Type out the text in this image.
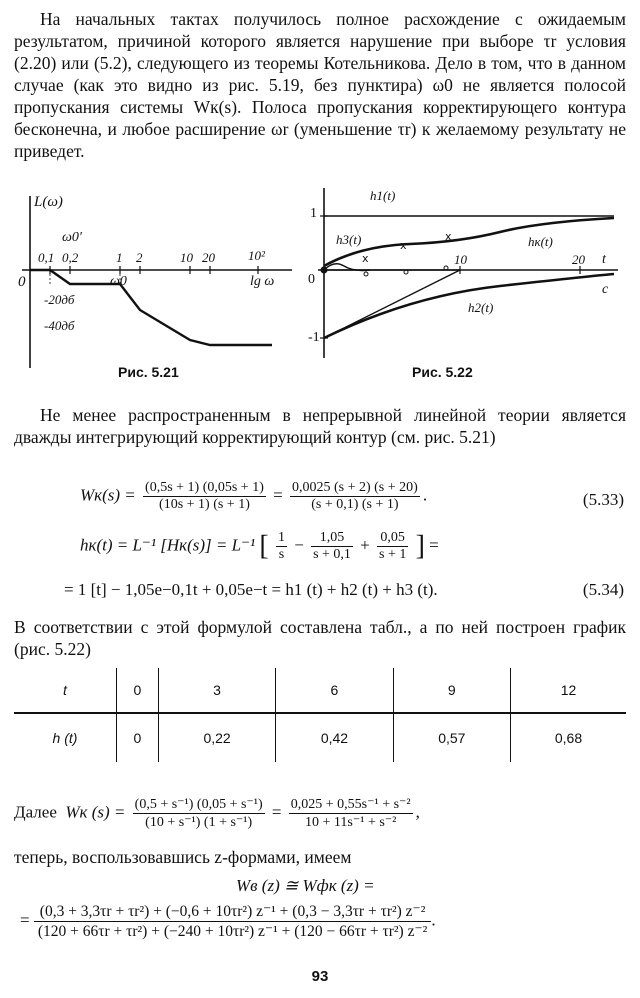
На начальных тактах получилось полное расхождение с ожидаемым результатом, причиной которого является нарушение при выборе τr условия (2.20) или (5.2), следующего из теоремы Котельникова. Дело в том, что в данном случае (как это видно из рис. 5.19, без пунктира) ω0 не является полосой пропускания системы Wк(s). Полоса пропускания корректирующего контура бесконечна, и любое расширение ωr (уменьшение τr) к желаемому результату не приведет.
L(ω)
0
ω0′
0,1 0,2	1 2	10 20	10²
ω0	lg ω
-20дб
-40дб
Рис. 5.21
x
x
x
1
-1
0
10	20 t
c
h1(t)
h3(t)	hк(t)
h2(t)
Рис. 5.22
Не менее распространенным в непрерывной линейной теории является дважды интегрирующий корректирующий контур (см. рис. 5.21)
$Wк(s) = \frac{(0,5s + 1) (0,05s + 1)}{(10s + 1) (s + 1)} = \frac{0,0025 (s + 2) (s + 20)}{(s + 0,1) (s + 1)}$ .	(5.33)
hк(t) = L⁻¹ [Hк(s)] = L⁻¹ [ $\frac{1}{s} - \frac{1,05}{s + 0,1} + \frac{0,05}{s + 1}$ ] =
= 1 [t] − 1,05e−0,1t + 0,05e−t = h1 (t) + h2 (t) + h3 (t).	(5.34)
В соответствии с этой формулой составлена табл., а по ней построен график (рис. 5.22)
t	0	3	6	9	12
h (t)	0	0,22	0,42	0,57	0,68
Далее Wк $(s) = \frac{\text{(0,5 + s⁻¹) (0,05 + s⁻¹)}}{\text{(10 + s⁻¹) (1 + s⁻¹)}} = \frac{\text{0,025 + 0,55s⁻¹ + s⁻²}}{\text{10 + 11s⁻¹ + s⁻²}}$ ,
теперь, воспользовавшись z-формами, имеем
Wв (z) ≅ Wфк (z) =
= (0,3 + 3,3τr + τr²) + (−0,6 + 10τr²) z⁻¹ + (0,3 − 3,3τr + τr²) z⁻²
(120 + 66τr + τr²) + (−240 + 10τr²) z⁻¹ + (120 − 66τr + τr²) z⁻²
.
93
